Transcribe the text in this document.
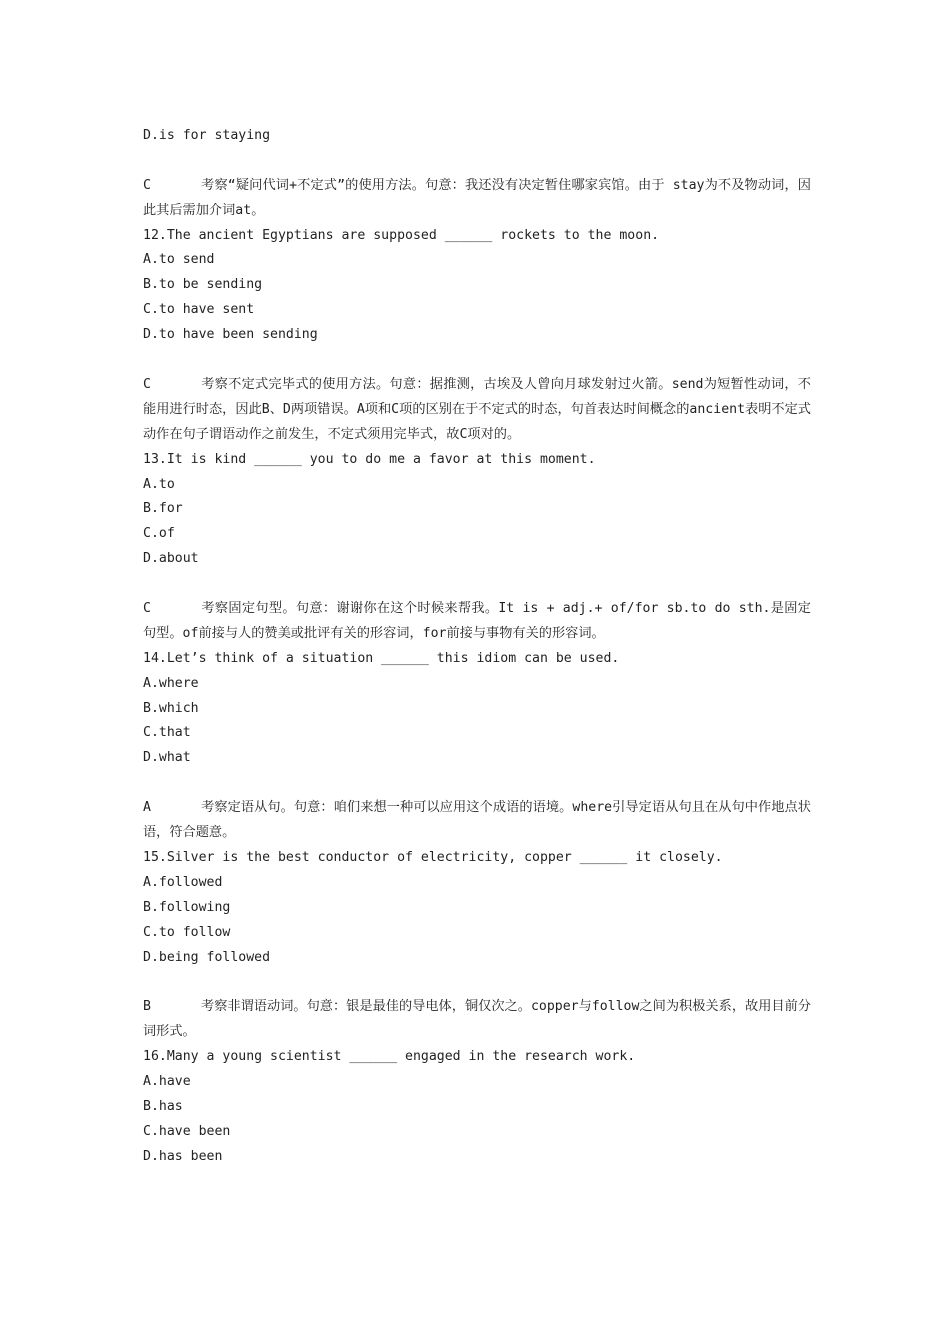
D.is for staying
C	考察“疑问代词+不定式”的使用方法。句意：我还没有决定暂住哪家宾馆。由于 stay为不及物动词，因此其后需加介词at。
12.The ancient Egyptians are supposed ______ rockets to the moon.
A.to send
B.to be sending
C.to have sent
D.to have been sending
C	考察不定式完毕式的使用方法。句意：据推测，古埃及人曾向月球发射过火箭。send为短暂性动词，不能用进行时态，因此B、D两项错误。A项和C项的区别在于不定式的时态，句首表达时间概念的ancient表明不定式动作在句子谓语动作之前发生，不定式须用完毕式，故C项对的。
13.It is kind ______ you to do me a favor at this moment.
A.to
B.for
C.of
D.about
C	考察固定句型。句意：谢谢你在这个时候来帮我。It is + adj.+ of/for sb.to do sth.是固定句型。of前接与人的赞美或批评有关的形容词，for前接与事物有关的形容词。
14.Let’s think of a situation ______ this idiom can be used.
A.where
B.which
C.that
D.what
A	考察定语从句。句意：咱们来想一种可以应用这个成语的语境。where引导定语从句且在从句中作地点状语，符合题意。
15.Silver is the best conductor of electricity, copper ______ it closely.
A.followed
B.following
C.to follow
D.being followed
B	考察非谓语动词。句意：银是最佳的导电体，铜仅次之。copper与follow之间为积极关系，故用目前分词形式。
16.Many a young scientist ______ engaged in the research work.
A.have
B.has
C.have been
D.has been
